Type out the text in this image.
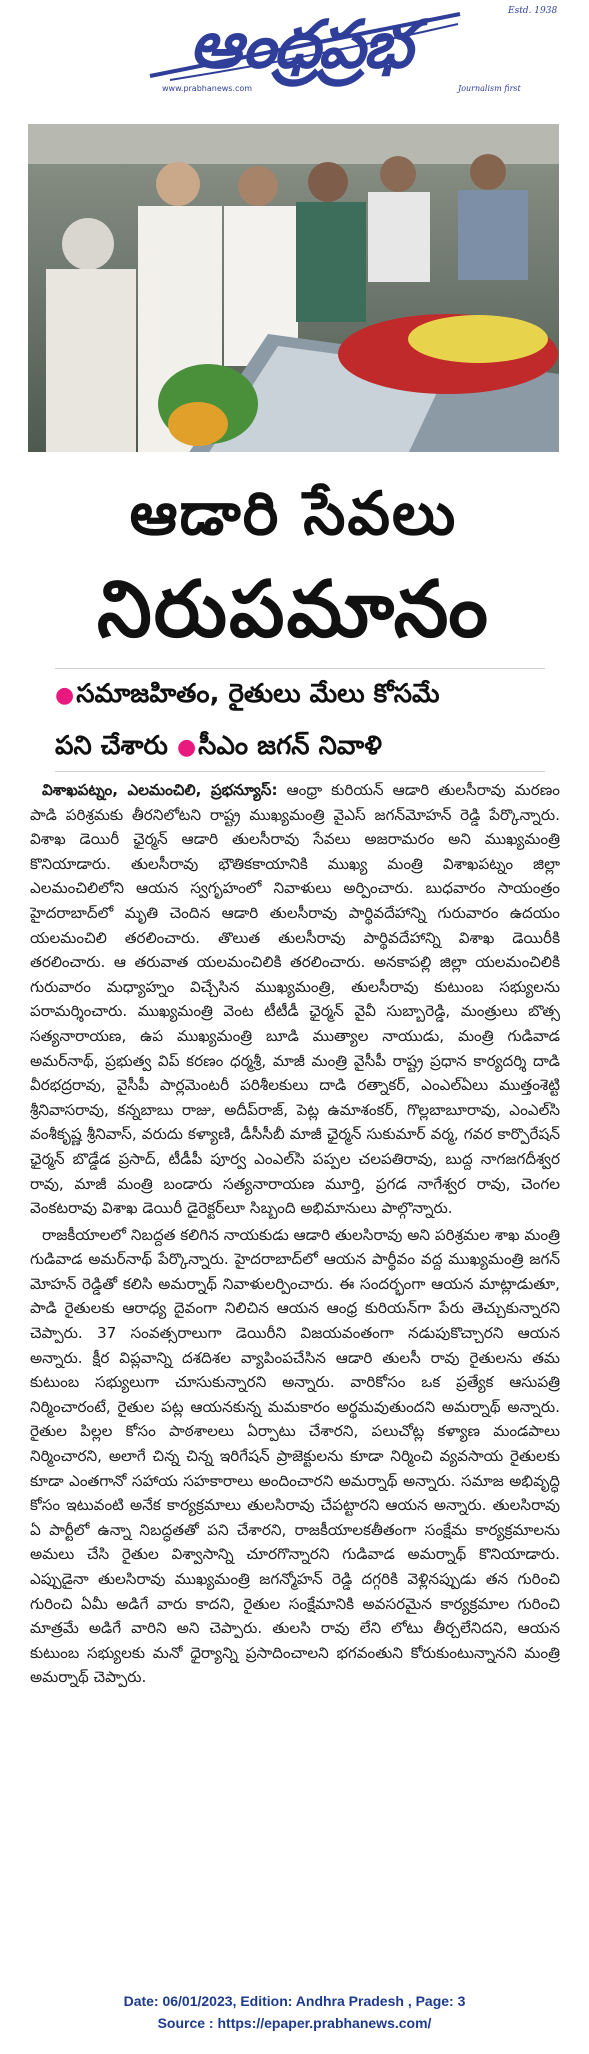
ఆంధ్రప్రభ	Estd. 1938
www.prabhanews.com	Journalism first
ఆడారి సేవలు
నిరుపమానం
●సమాజహితం, రైతులు మేలు కోసమే
పని చేశారు ●సీఎం జగన్ నివాళి

విశాఖపట్నం, ఎలమంచిలి, ప్రభన్యూస్: ఆంధ్రా కురియన్ ఆడారి తులసీరావు మరణం పాడి పరిశ్రమకు తీరనిలోటని రాష్ట్ర ముఖ్యమంత్రి వైఎస్ జగన్‌మోహన్ రెడ్డి పేర్కొన్నారు. విశాఖ డెయిరీ ఛైర్మన్ ఆడారి తులసీరావు సేవలు అజరామరం అని ముఖ్యమంత్రి కొనియాడారు. తులసీరావు భౌతికకాయానికి ముఖ్య మంత్రి విశాఖపట్నం జిల్లా ఎలమంచిలిలోని ఆయన స్వగృహంలో నివాళులు అర్పించారు. బుధవారం సాయంత్రం హైదరాబాద్‌లో మృతి చెందిన ఆడారి తులసీరావు పార్థివదేహాన్ని గురువారం ఉదయం యలమంచిలి తరలించారు. తొలుత తులసీరావు పార్థివదేహాన్ని విశాఖ డెయిరీకి తరలించారు. ఆ తరువాత యలమంచిలికి తరలించారు. అనకాపల్లి జిల్లా యలమంచిలికి గురువారం మధ్యాహ్నం విచ్చేసిన ముఖ్యమంత్రి, తులసీరావు కుటుంబ సభ్యులను పరామర్శించారు. ముఖ్యమంత్రి వెంట టీటీడీ ఛైర్మన్ వైవీ సుబ్బారెడ్డి, మంత్రులు బొత్స సత్యనారాయణ, ఉప ముఖ్యమంత్రి బూడి ముత్యాల నాయుడు, మంత్రి గుడివాడ అమర్‌నాథ్, ప్రభుత్వ విప్ కరణం ధర్మశ్రీ, మాజీ మంత్రి వైసీపీ రాష్ట్ర ప్రధాన కార్యదర్శి దాడి వీరభద్రరావు, వైసీపీ పార్లమెంటరీ పరిశీలకులు దాడి రత్నాకర్, ఎంఎల్‌ఏలు ముత్తంశెట్టి శ్రీనివాసరావు, కన్నబాబు రాజు, అదీప్‌రాజ్, పెట్ల ఉమాశంకర్, గొల్లబాబూరావు, ఎంఎల్‌సి వంశీకృష్ణ శ్రీనివాస్, వరుదు కళ్యాణి, డీసీసీబీ మాజీ ఛైర్మన్ సుకుమార్ వర్మ, గవర కార్పొరేషన్ ఛైర్మన్ బొడ్డేడ ప్రసాద్, టీడీపీ పూర్వ ఎంఎల్‌సి పప్పల చలపతిరావు, బుద్ద నాగజగదీశ్వర రావు, మాజీ మంత్రి బండారు సత్యనారాయణ మూర్తి, ప్రగడ నాగేశ్వర రావు, చెంగల వెంకటరావు విశాఖ డెయిరీ డైరెక్టర్‌లూ సిబ్బంది అభిమానులు పాల్గొన్నారు.

రాజకీయాలలో నిబద్దత కలిగిన నాయకుడు ఆడారి తులసిరావు అని పరిశ్రమల శాఖ మంత్రి గుడివాడ అమర్‌నాథ్ పేర్కొన్నారు. హైదరాబాద్‌లో ఆయన పార్థీవం వద్ద ముఖ్యమంత్రి జగన్ మోహన్ రెడ్డితో కలిసి అమర్నాథ్ నివాళులర్పించారు. ఈ సందర్భంగా ఆయన మాట్లాడుతూ, పాడి రైతులకు ఆరాధ్య దైవంగా నిలిచిన ఆయన ఆంధ్ర కురియన్‌గా పేరు తెచ్చుకున్నారని చెప్పారు. 37 సంవత్సరాలుగా డెయిరీని విజయవంతంగా నడుపుకొచ్చారని ఆయన అన్నారు. క్షీర విప్లవాన్ని దశదిశల వ్యాపింపచేసిన ఆడారి తులసీ రావు రైతులను తమ కుటుంబ సభ్యులుగా చూసుకున్నారని అన్నారు. వారికోసం ఒక ప్రత్యేక ఆసుపత్రి నిర్మించారంటే, రైతుల పట్ల ఆయనకున్న మమకారం అర్థమవుతుందని అమర్నాథ్ అన్నారు. రైతుల పిల్లల కోసం పాఠశాలలు ఏర్పాటు చేశారని, పలుచోట్ల కళ్యాణ మండపాలు నిర్మించారని, అలాగే చిన్న చిన్న ఇరిగేషన్ ప్రాజెక్టులను కూడా నిర్మించి వ్యవసాయ రైతులకు కూడా ఎంతగానో సహాయ సహకారాలు అందించారని అమర్నాథ్ అన్నారు. సమాజ అభివృద్ధి కోసం ఇటువంటి అనేక కార్యక్రమాలు తులసిరావు చేపట్టారని ఆయన అన్నారు. తులసిరావు ఏ పార్టీలో ఉన్నా నిబద్ధతతో పని చేశారని, రాజకీయాలకతీతంగా సంక్షేమ కార్యక్రమాలను అమలు చేసి రైతుల విశ్వాసాన్ని చూరగొన్నారని గుడివాడ అమర్నాథ్ కొనియాడారు. ఎప్పుడైనా తులసిరావు ముఖ్యమంత్రి జగన్మోహన్ రెడ్డి దగ్గరికి వెళ్లినప్పుడు తన గురించి గురించి ఏమీ అడిగే వారు కాదని, రైతుల సంక్షేమానికి అవసరమైన కార్యక్రమాల గురించి మాత్రమే అడిగే వారిని అని చెప్పారు. తులసి రావు లేని లోటు తీర్చలేనిదని, ఆయన కుటుంబ సభ్యులకు మనో ధైర్యాన్ని ప్రసాదించాలని భగవంతుని కోరుకుంటున్నానని మంత్రి అమర్నాథ్ చెప్పారు.

Date: 06/01/2023, Edition: Andhra Pradesh , Page: 3
Source : https://epaper.prabhanews.com/
